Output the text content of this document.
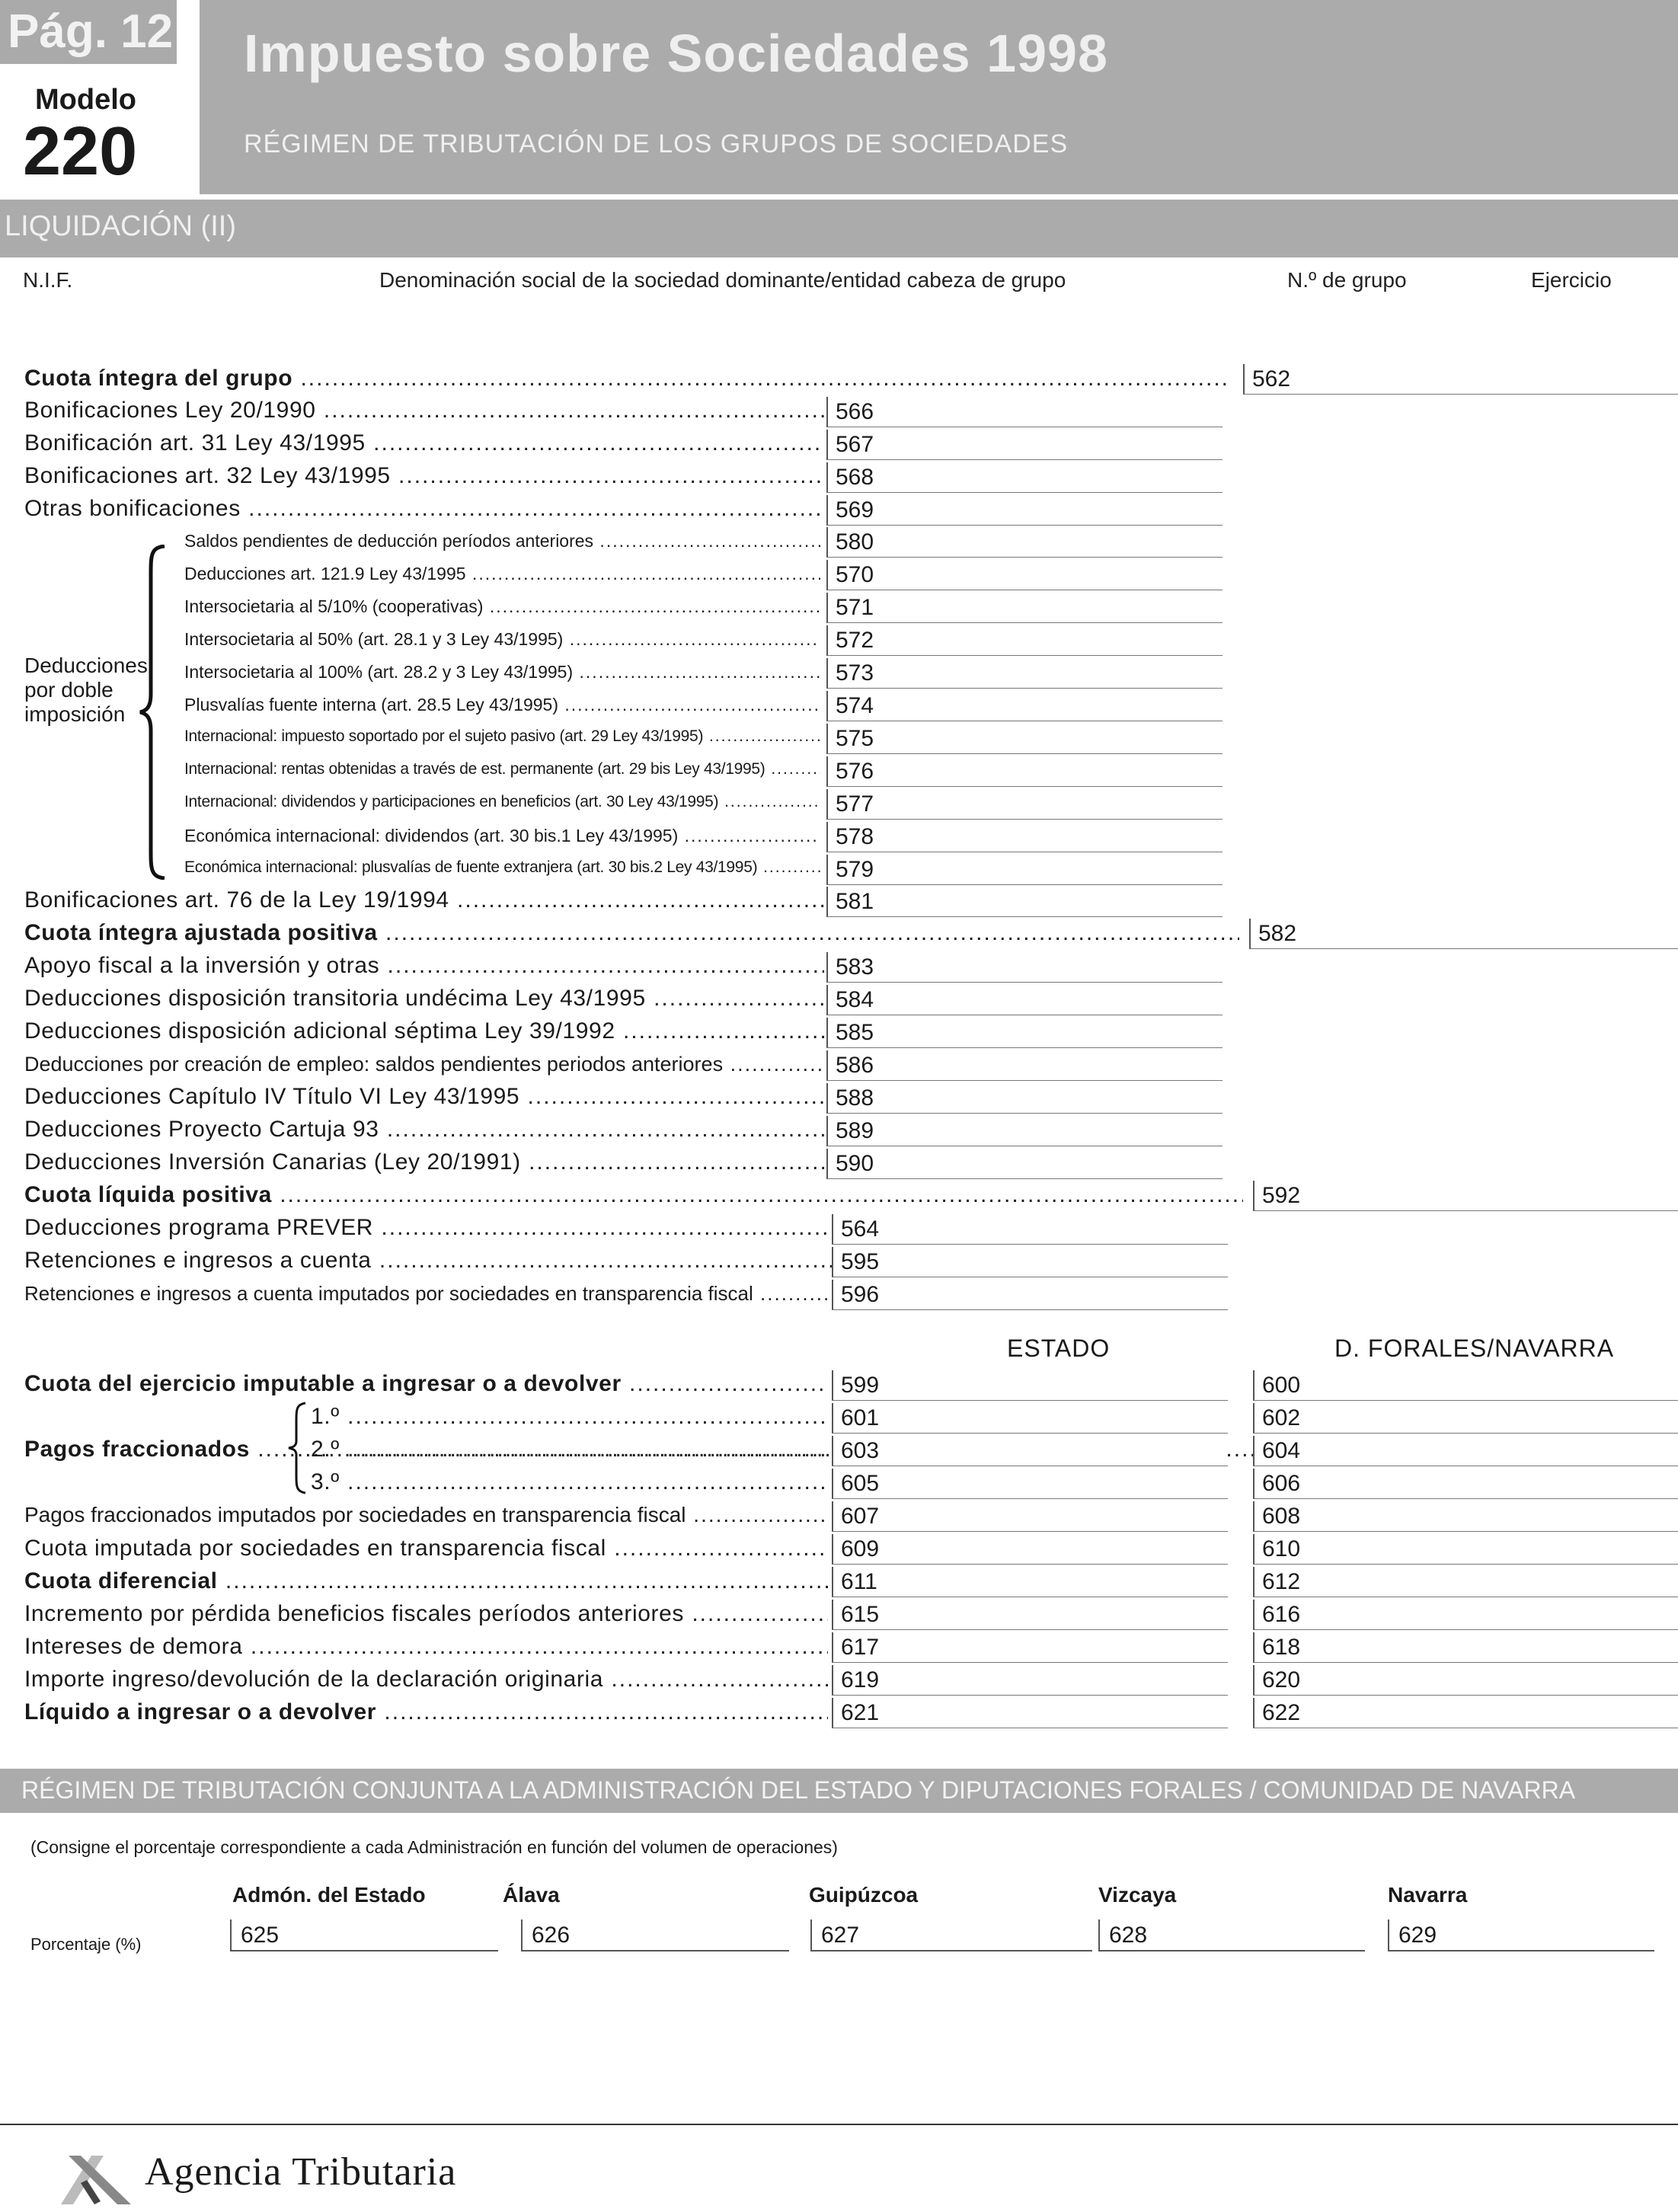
Pág. 12 Impuesto sobre Sociedades 1998
RÉGIMEN DE TRIBUTACIÓN DE LOS GRUPOS DE SOCIEDADES
Modelo
220
LIQUIDACIÓN (II)
N.I.F.	Denominación social de la sociedad dominante/entidad cabeza de grupo	N.º de grupo	Ejercicio
Cuota íntegra del grupo .....	562
Bonificaciones Ley 20/1990 .....	566
Bonificación art. 31 Ley 43/1995 .....	567
Bonificaciones art. 32 Ley 43/1995 .....	568
Otras bonificaciones .....	569
Deducciones
por doble
imposición
Saldos pendientes de deducción períodos anteriores .....	580
Deducciones art. 121.9 Ley 43/1995 .....	570
Intersocietaria al 5/10% (cooperativas) .....	571
Intersocietaria al 50% (art. 28.1 y 3 Ley 43/1995) .....	572
Intersocietaria al 100% (art. 28.2 y 3 Ley 43/1995) .....	573
Plusvalías fuente interna (art. 28.5 Ley 43/1995) .....	574
Internacional: impuesto soportado por el sujeto pasivo (art. 29 Ley 43/1995) .....	575
Internacional: rentas obtenidas a través de est. permanente (art. 29 bis Ley 43/1995) .....	576
Internacional: dividendos y participaciones en beneficios (art. 30 Ley 43/1995) .....	577
Económica internacional: dividendos (art. 30 bis.1 Ley 43/1995) .....	578
Económica internacional: plusvalías de fuente extranjera (art. 30 bis.2 Ley 43/1995) .....	579
Bonificaciones art. 76 de la Ley 19/1994 .....	581
Cuota íntegra ajustada positiva .....	582
Apoyo fiscal a la inversión y otras .....	583
Deducciones disposición transitoria undécima Ley 43/1995 .....	584
Deducciones disposición adicional séptima Ley 39/1992 .....	585
Deducciones por creación de empleo: saldos pendientes periodos anteriores .....	586
Deducciones Capítulo IV Título VI Ley 43/1995 .....	588
Deducciones Proyecto Cartuja 93 .....	589
Deducciones Inversión Canarias (Ley 20/1991) .....	590
Cuota líquida positiva .....	592
Deducciones programa PREVER .....	564
Retenciones e ingresos a cuenta .....	595
Retenciones e ingresos a cuenta imputados por sociedades en transparencia fiscal .....	596
ESTADO	D. FORALES/NAVARRA
Cuota del ejercicio imputable a ingresar o a devolver .....	599	600
Pagos fraccionados .....
1.º .....	601	602
2.º .....	603	604
3.º .....	605	606
Pagos fraccionados imputados por sociedades en transparencia fiscal .....	607	608
Cuota imputada por sociedades en transparencia fiscal .....	609	610
Cuota diferencial .....	611	612
Incremento por pérdida beneficios fiscales períodos anteriores .....	615	616
Intereses de demora .....	617	618
Importe ingreso/devolución de la declaración originaria .....	619	620
Líquido a ingresar o a devolver .....	621	622
RÉGIMEN DE TRIBUTACIÓN CONJUNTA A LA ADMINISTRACIÓN DEL ESTADO Y DIPUTACIONES FORALES / COMUNIDAD DE NAVARRA
(Consigne el porcentaje correspondiente a cada Administración en función del volumen de operaciones)
Admón. del Estado	Álava	Guipúzcoa	Vizcaya	Navarra
Porcentaje (%)	625	626	627	628	629
Agencia Tributaria
